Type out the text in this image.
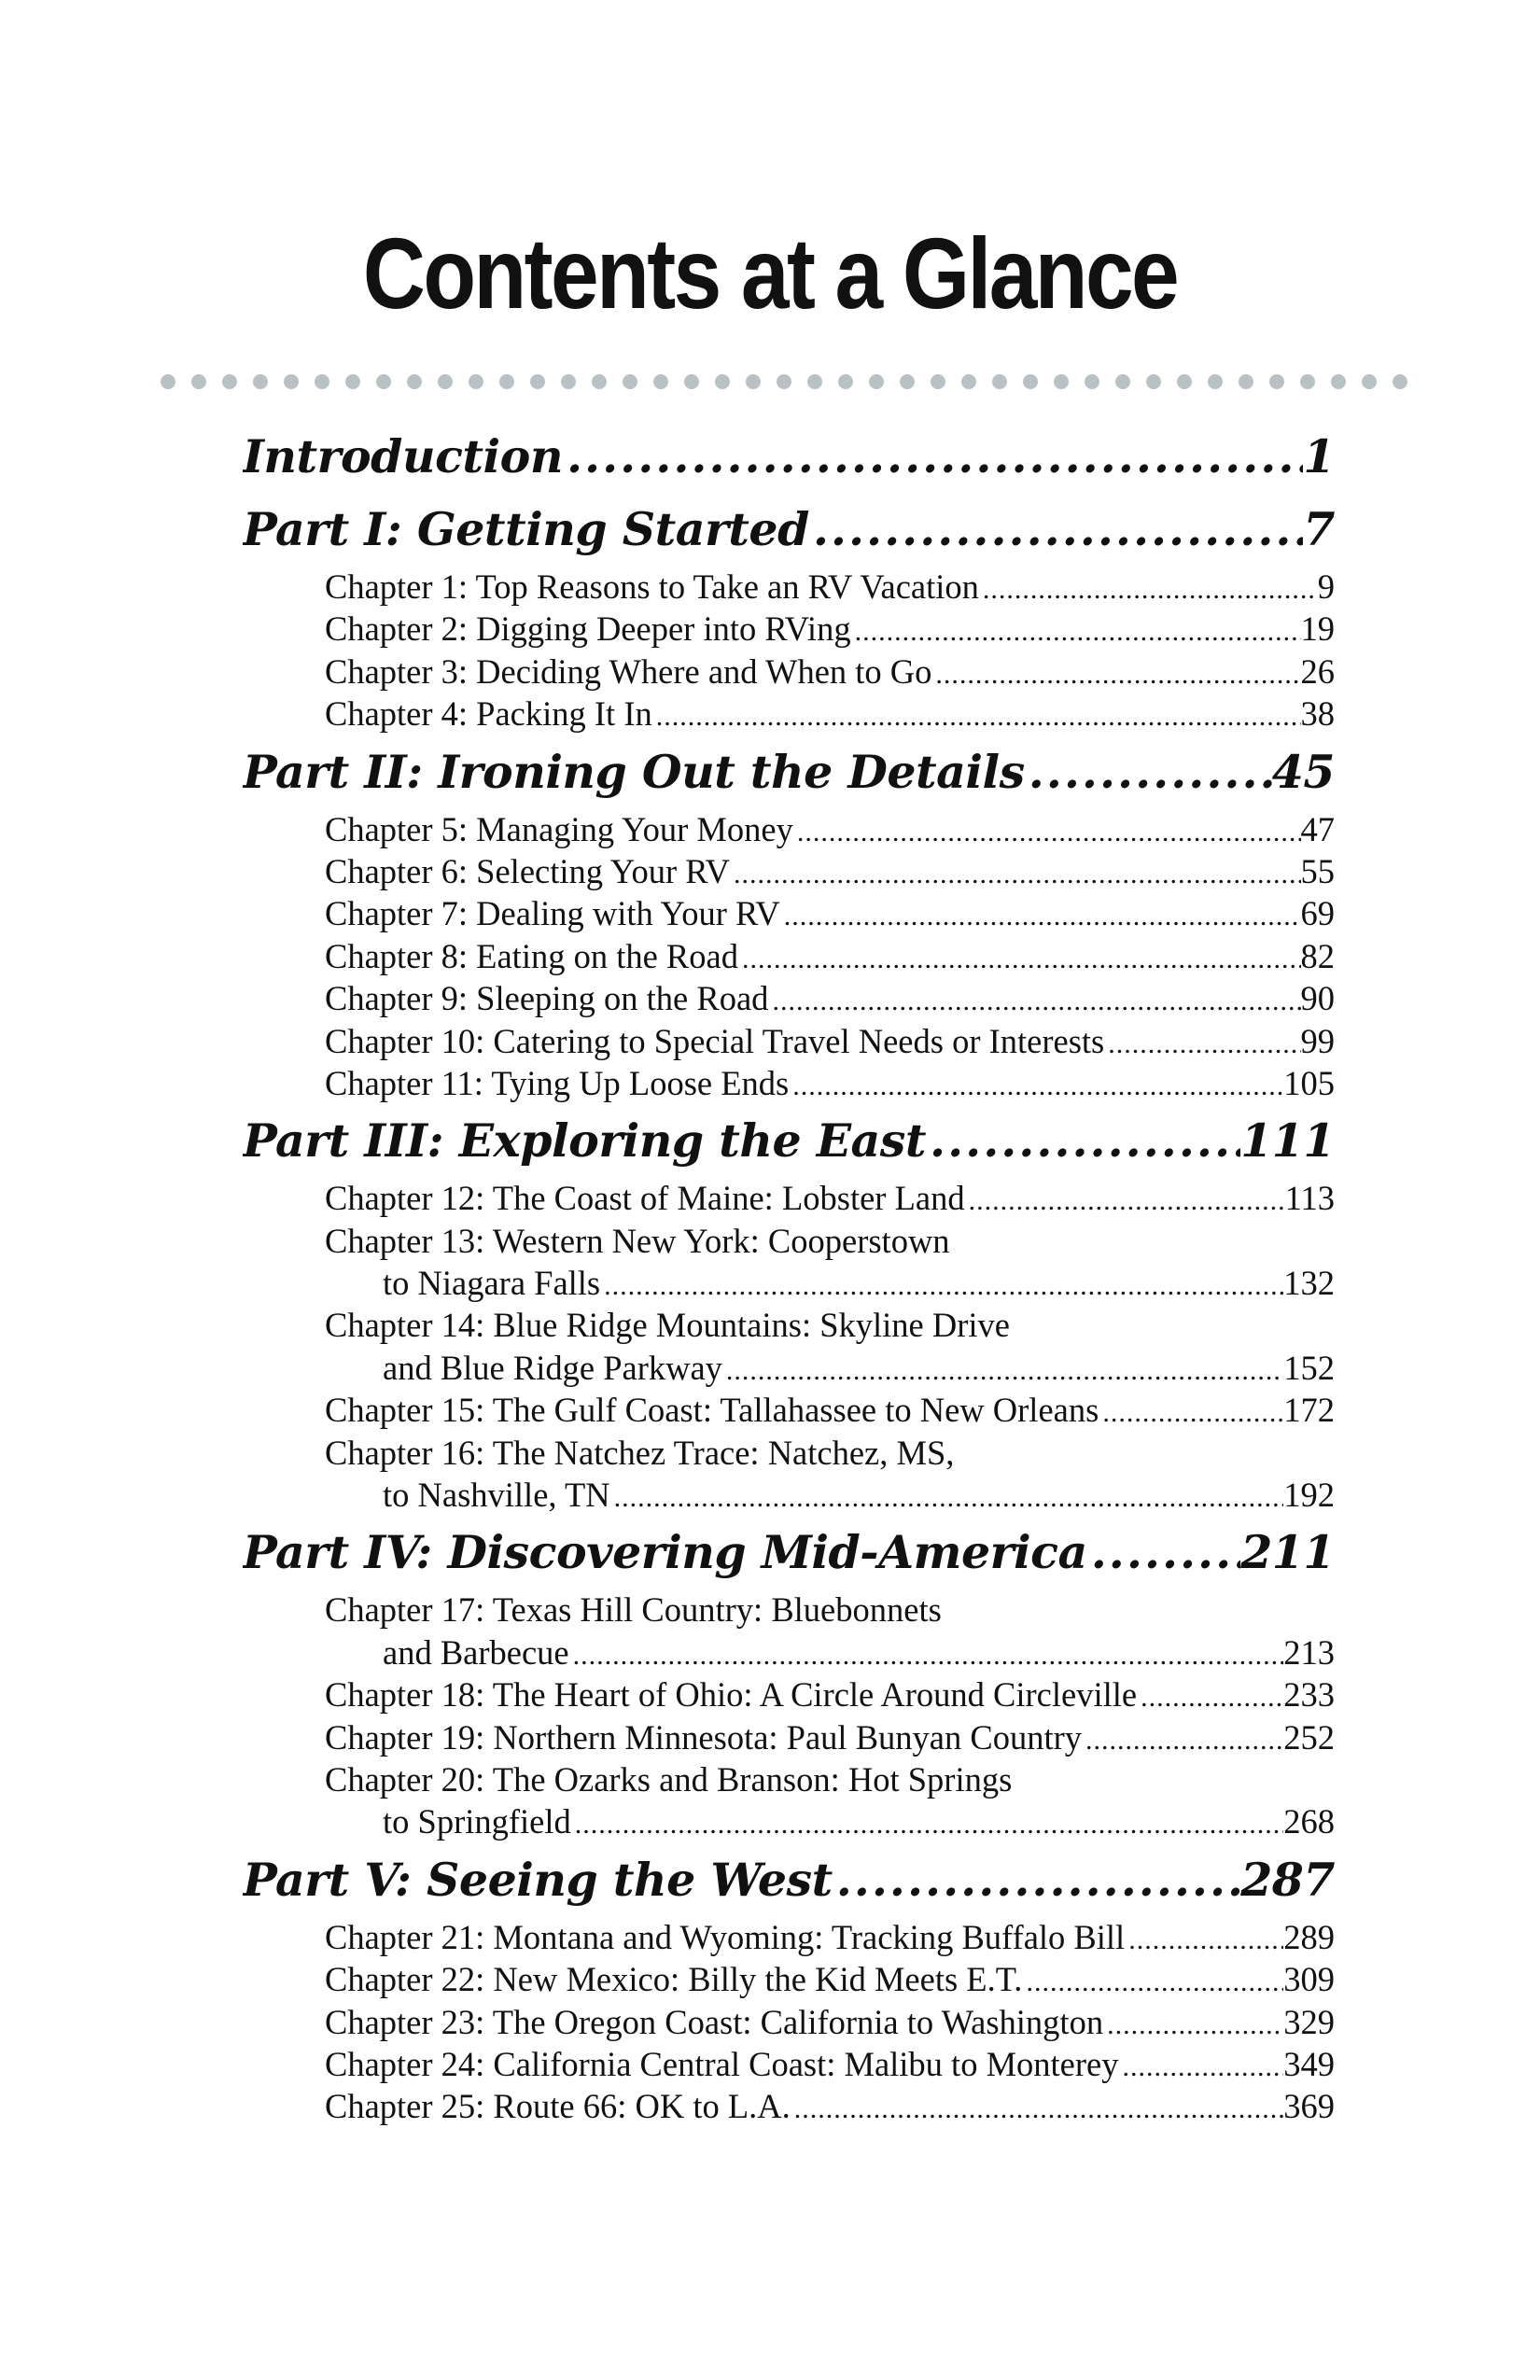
Contents at a Glance
Introduction .....	1
Part I: Getting Started .....	7
Chapter 1: Top Reasons to Take an RV Vacation .....	9
Chapter 2: Digging Deeper into RVing .....	19
Chapter 3: Deciding Where and When to Go .....	26
Chapter 4: Packing It In .....	38
Part II: Ironing Out the Details .....	45
Chapter 5: Managing Your Money .....	47
Chapter 6: Selecting Your RV .....	55
Chapter 7: Dealing with Your RV .....	69
Chapter 8: Eating on the Road .....	82
Chapter 9: Sleeping on the Road .....	90
Chapter 10: Catering to Special Travel Needs or Interests .....	99
Chapter 11: Tying Up Loose Ends .....	105
Part III: Exploring the East .....	111
Chapter 12: The Coast of Maine: Lobster Land .....	113
Chapter 13: Western New York: Cooperstown
to Niagara Falls .....	132
Chapter 14: Blue Ridge Mountains: Skyline Drive
and Blue Ridge Parkway .....	152
Chapter 15: The Gulf Coast: Tallahassee to New Orleans .....	172
Chapter 16: The Natchez Trace: Natchez, MS,
to Nashville, TN .....	192
Part IV: Discovering Mid-America .....	211
Chapter 17: Texas Hill Country: Bluebonnets
and Barbecue .....	213
Chapter 18: The Heart of Ohio: A Circle Around Circleville .....	233
Chapter 19: Northern Minnesota: Paul Bunyan Country .....	252
Chapter 20: The Ozarks and Branson: Hot Springs
to Springfield .....	268
Part V: Seeing the West .....	287
Chapter 21: Montana and Wyoming: Tracking Buffalo Bill .....	289
Chapter 22: New Mexico: Billy the Kid Meets E.T. .....	309
Chapter 23: The Oregon Coast: California to Washington .....	329
Chapter 24: California Central Coast: Malibu to Monterey .....	349
Chapter 25: Route 66: OK to L.A. .....	369
